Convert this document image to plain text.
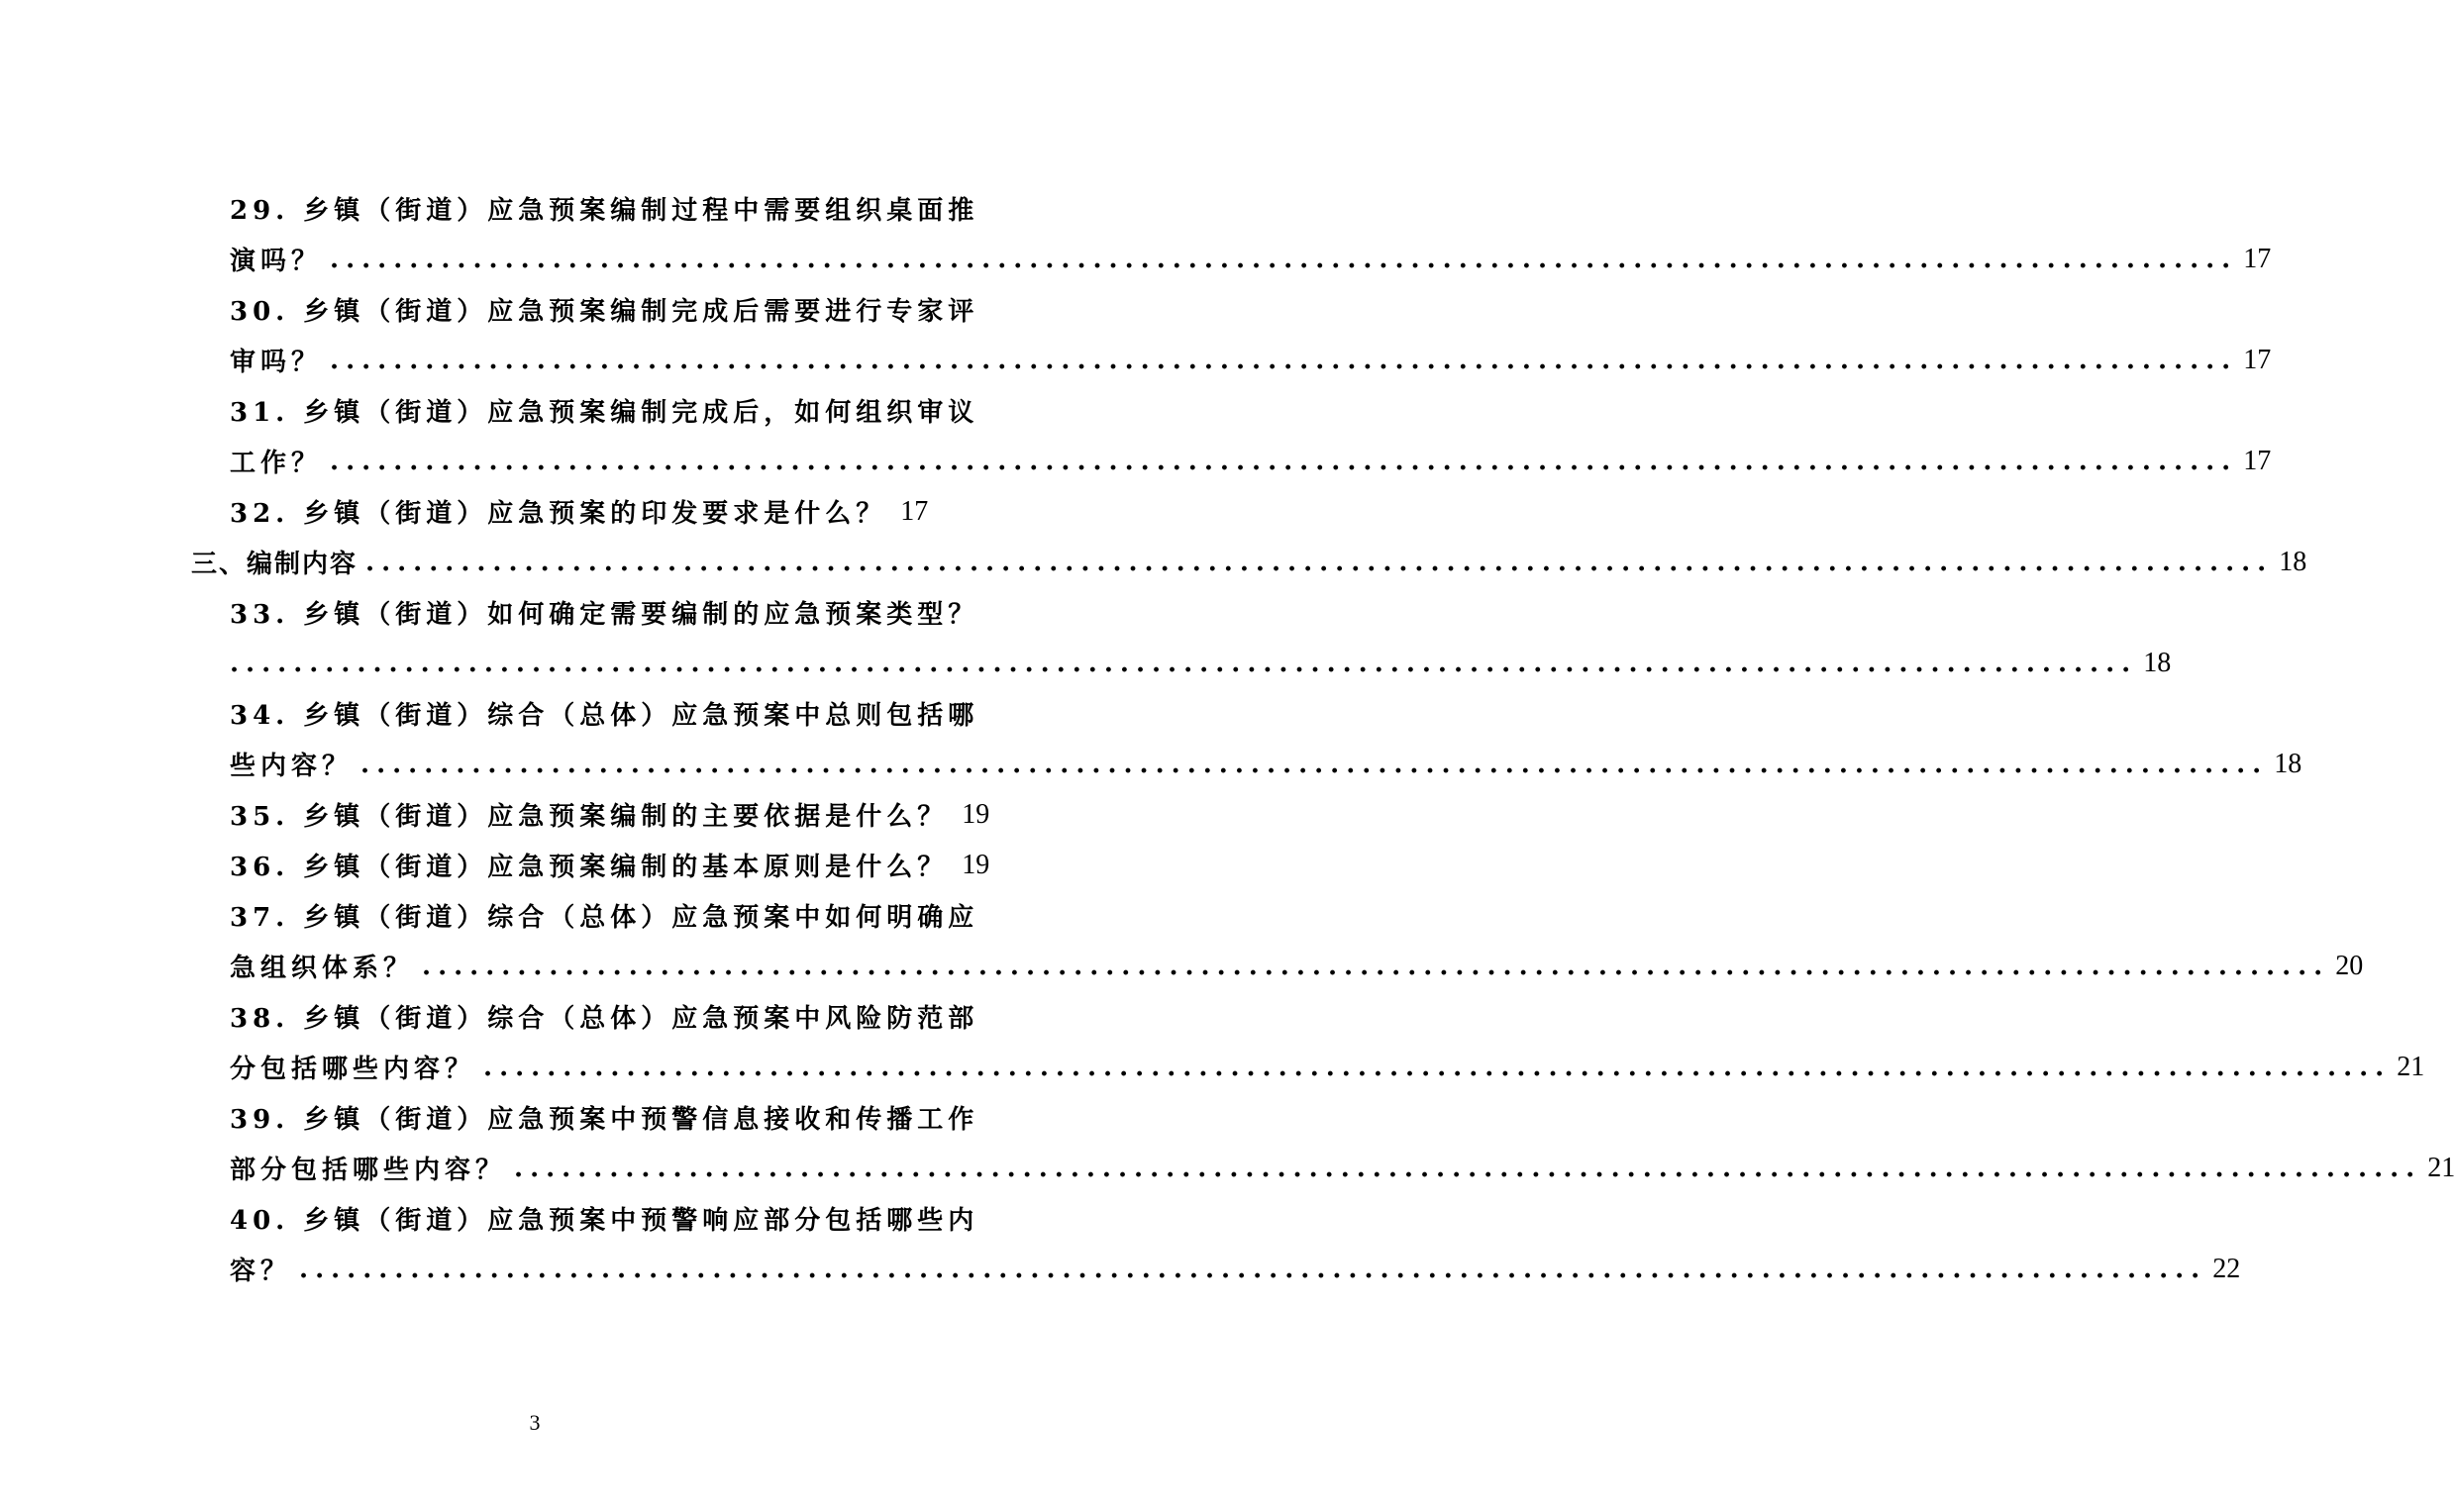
29. 乡镇（街道）应急预案编制过程中需要组织桌面推
演吗？ ........................................................................................................................ 17
30. 乡镇（街道）应急预案编制完成后需要进行专家评
审吗？ ........................................................................................................................ 17
31. 乡镇（街道）应急预案编制完成后，如何组织审议
工作？ ........................................................................................................................ 17
32. 乡镇（街道）应急预案的印发要求是什么？ 17
三、编制内容 ........................................................................................................................ 18
33. 乡镇（街道）如何确定需要编制的应急预案类型？
........................................................................................................................ 18
34. 乡镇（街道）综合（总体）应急预案中总则包括哪
些内容？ ........................................................................................................................ 18
35. 乡镇（街道）应急预案编制的主要依据是什么？ 19
36. 乡镇（街道）应急预案编制的基本原则是什么？ 19
37. 乡镇（街道）综合（总体）应急预案中如何明确应
急组织体系？ ........................................................................................................................ 20
38. 乡镇（街道）综合（总体）应急预案中风险防范部
分包括哪些内容？ ........................................................................................................................ 21
39. 乡镇（街道）应急预案中预警信息接收和传播工作
部分包括哪些内容？ ........................................................................................................................ 21
40. 乡镇（街道）应急预案中预警响应部分包括哪些内
容？ ........................................................................................................................ 22
3
